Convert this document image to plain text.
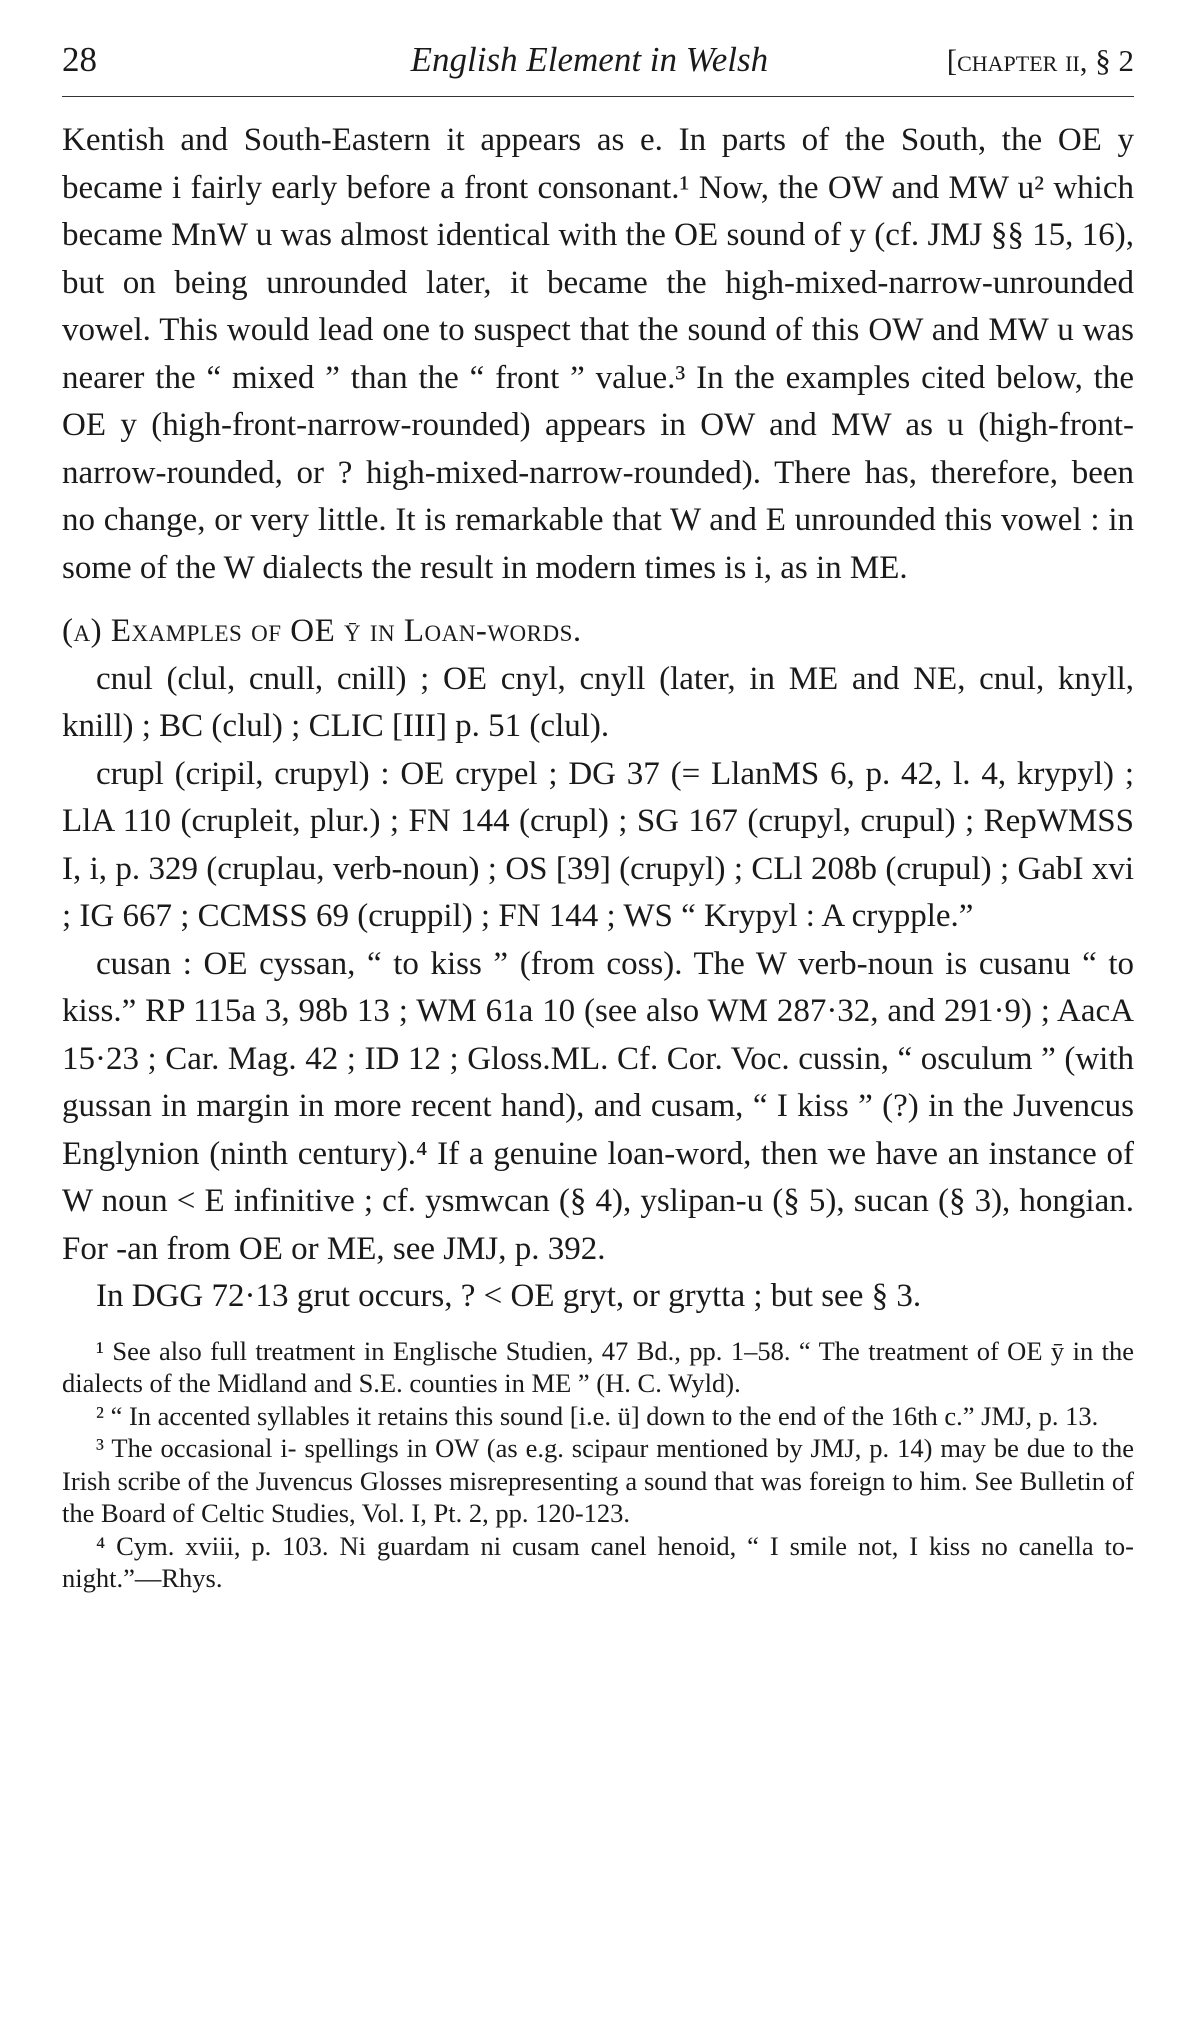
28	English Element in Welsh	[chapter ii, § 2

Kentish and South-Eastern it appears as e. In parts of the South, the OE y became i fairly early before a front consonant.¹ Now, the OW and MW u² which became MnW u was almost identical with the OE sound of y (cf. JMJ §§ 15, 16), but on being unrounded later, it became the high-mixed-narrow-unrounded vowel. This would lead one to suspect that the sound of this OW and MW u was nearer the “ mixed ” than the “ front ” value.³ In the examples cited below, the OE y (high-front-narrow-rounded) appears in OW and MW as u (high-front-narrow-rounded, or ? high-mixed-narrow-rounded). There has, therefore, been no change, or very little. It is remarkable that W and E unrounded this vowel : in some of the W dialects the result in modern times is i, as in ME.

(a) Examples of OE ȳ in Loan-words.

cnul (clul, cnull, cnill) ; OE cnyl, cnyll (later, in ME and NE, cnul, knyll, knill) ; BC (clul) ; CLIC [III] p. 51 (clul).

crupl (cripil, crupyl) : OE crypel ; DG 37 (= LlanMS 6, p. 42, l. 4, krypyl) ; LlA 110 (crupleit, plur.) ; FN 144 (crupl) ; SG 167 (crupyl, crupul) ; RepWMSS I, i, p. 329 (cruplau, verb-noun) ; OS [39] (crupyl) ; CLl 208b (crupul) ; GabI xvi ; IG 667 ; CCMSS 69 (cruppil) ; FN 144 ; WS “ Krypyl : A crypple.”

cusan : OE cyssan, “ to kiss ” (from coss). The W verb-noun is cusanu “ to kiss.” RP 115a 3, 98b 13 ; WM 61a 10 (see also WM 287·32, and 291·9) ; AacA 15·23 ; Car. Mag. 42 ; ID 12 ; Gloss.ML. Cf. Cor. Voc. cussin, “ osculum ” (with gussan in margin in more recent hand), and cusam, “ I kiss ” (?) in the Juvencus Englynion (ninth century).⁴ If a genuine loan-word, then we have an instance of W noun < E infinitive ; cf. ysmwcan (§ 4), yslipan-u (§ 5), sucan (§ 3), hongian. For -an from OE or ME, see JMJ, p. 392.

In DGG 72·13 grut occurs, ? < OE gryt, or grytta ; but see § 3.

¹ See also full treatment in Englische Studien, 47 Bd., pp. 1–58. “ The treatment of OE ȳ in the dialects of the Midland and S.E. counties in ME ” (H. C. Wyld).

² “ In accented syllables it retains this sound [i.e. ü] down to the end of the 16th c.” JMJ, p. 13.

³ The occasional i- spellings in OW (as e.g. scipaur mentioned by JMJ, p. 14) may be due to the Irish scribe of the Juvencus Glosses misrepresenting a sound that was foreign to him. See Bulletin of the Board of Celtic Studies, Vol. I, Pt. 2, pp. 120-123.

⁴ Cym. xviii, p. 103. Ni guardam ni cusam canel henoid, “ I smile not, I kiss no canella to-night.”—Rhys.
